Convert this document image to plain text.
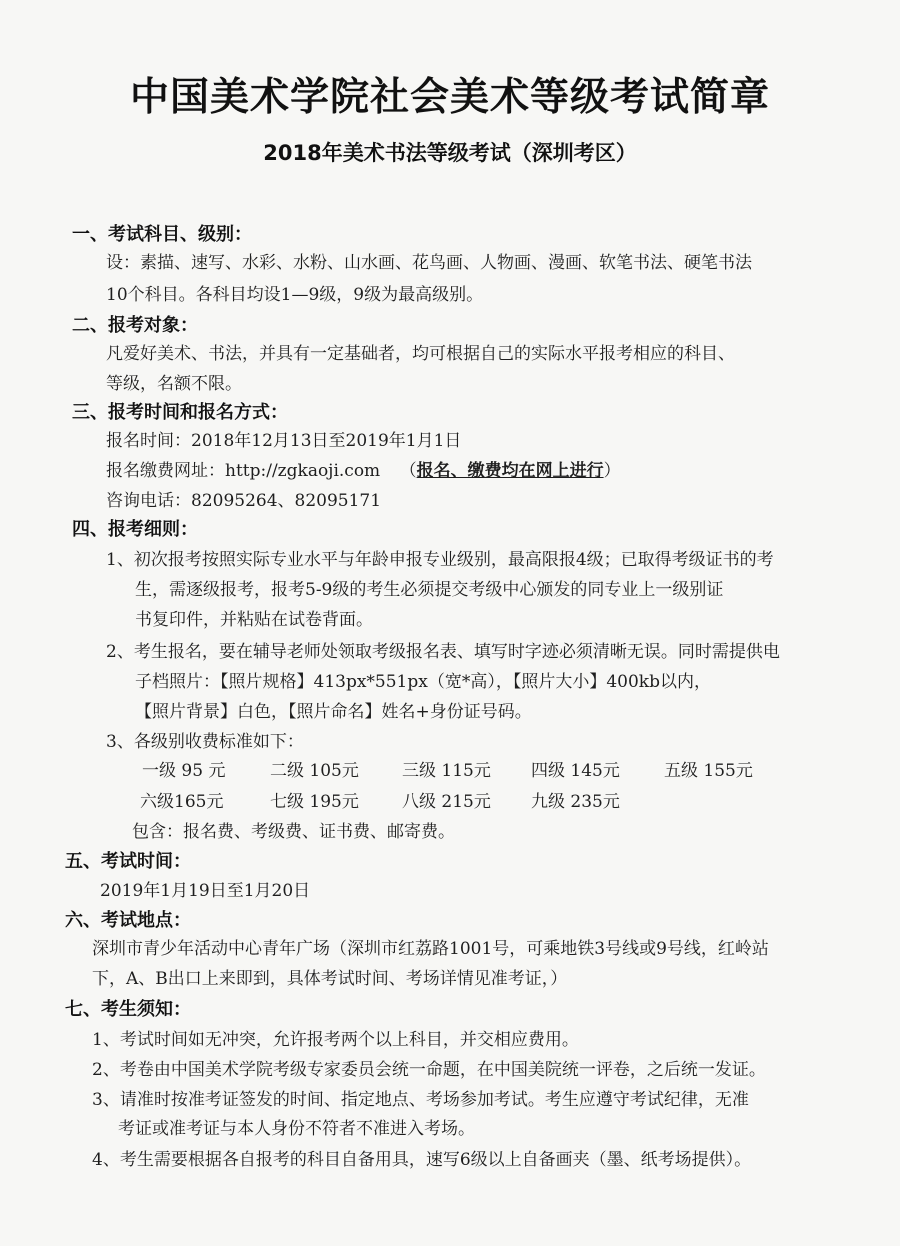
中国美术学院社会美术等级考试简章
2018年美术书法等级考试（深圳考区）
一、考试科目、级别：
设：素描、速写、水彩、水粉、山水画、花鸟画、人物画、漫画、软笔书法、硬笔书法
10个科目。各科目均设1—9级，9级为最高级别。
二、报考对象：
凡爱好美术、书法，并具有一定基础者，均可根据自己的实际水平报考相应的科目、
等级，名额不限。
三、报考时间和报名方式：
报名时间：2018年12月13日至2019年1月1日
报名缴费网址：http://zgkaoji.com （报名、缴费均在网上进行）
咨询电话：82095264、82095171
四、报考细则：
1、初次报考按照实际专业水平与年龄申报专业级别，最高限报4级；已取得考级证书的考
生，需逐级报考，报考5-9级的考生必须提交考级中心颁发的同专业上一级别证
书复印件，并粘贴在试卷背面。
2、考生报名，要在辅导老师处领取考级报名表、填写时字迹必须清晰无误。同时需提供电
子档照片：【照片规格】413px*551px（宽*高），【照片大小】400kb以内，
【照片背景】白色，【照片命名】姓名+身份证号码。
3、各级别收费标准如下：
一级 95 元	二级 105元	三级 115元 四级 145元	五级 155元
六级165元	七级 195元	八级 215元 九级 235元
包含：报名费、考级费、证书费、邮寄费。
五、考试时间：
2019年1月19日至1月20日
六、考试地点：
深圳市青少年活动中心青年广场（深圳市红荔路1001号，可乘地铁3号线或9号线，红岭站
下，A、B出口上来即到，具体考试时间、考场详情见准考证，）
七、考生须知：
1、考试时间如无冲突，允许报考两个以上科目，并交相应费用。
2、考卷由中国美术学院考级专家委员会统一命题，在中国美院统一评卷，之后统一发证。
3、请准时按准考证签发的时间、指定地点、考场参加考试。考生应遵守考试纪律，无准
考证或准考证与本人身份不符者不准进入考场。
4、考生需要根据各自报考的科目自备用具，速写6级以上自备画夹（墨、纸考场提供）。
